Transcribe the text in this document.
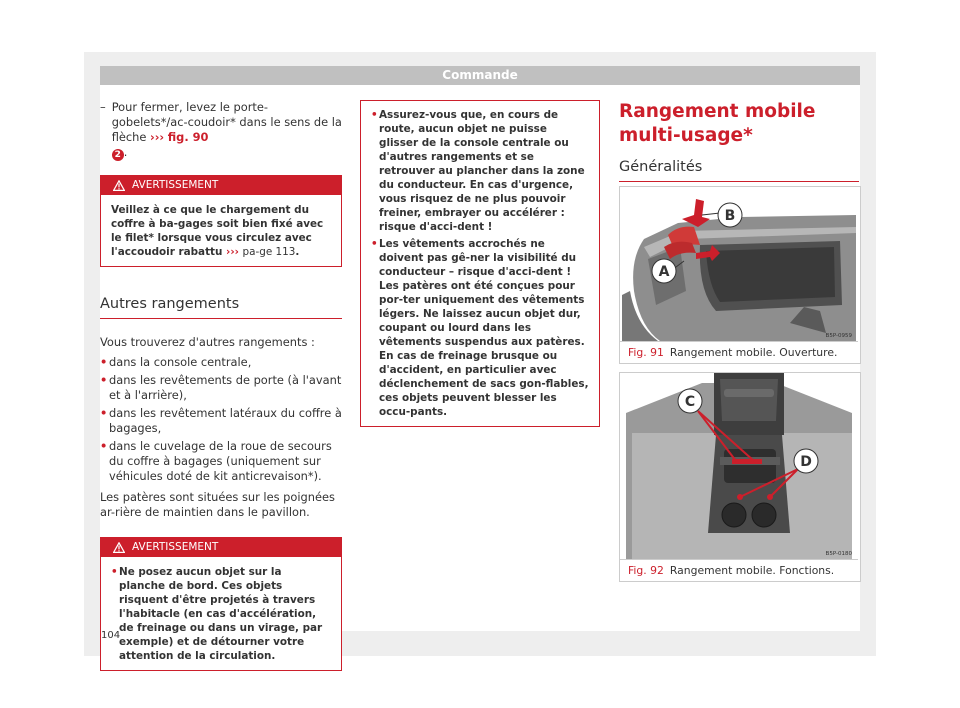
Commande
– Pour fermer, levez le porte-gobelets*/ac-coudoir* dans le sens de la flèche ››› fig. 90
2 .
AVERTISSEMENT
Veillez à ce que le chargement du coffre à ba-gages soit bien fixé avec le filet* lorsque vous circulez avec l'accoudoir rabattu ››› pa-ge 113.
Autres rangements
Vous trouverez d'autres rangements :
• dans la console centrale,
• dans les revêtements de porte (à l'avant et à l'arrière),
• dans les revêtement latéraux du coffre à bagages,
• dans le cuvelage de la roue de secours du coffre à bagages (uniquement sur véhicules doté de kit anticrevaison*).
Les patères sont situées sur les poignées ar-rière de maintien dans le pavillon.
AVERTISSEMENT
• Ne posez aucun objet sur la planche de bord. Ces objets risquent d'être projetés à travers l'habitacle (en cas d'accélération, de freinage ou dans un virage, par exemple) et de détourner votre attention de la circulation.
• Assurez-vous que, en cours de route, aucun objet ne puisse glisser de la console centrale ou d'autres rangements et se retrouver au plancher dans la zone du conducteur. En cas d'urgence, vous risquez de ne plus pouvoir freiner, embrayer ou accélérer : risque d'acci-dent !
• Les vêtements accrochés ne doivent pas gê-ner la visibilité du conducteur – risque d'acci-dent ! Les patères ont été conçues pour por-ter uniquement des vêtements légers. Ne laissez aucun objet dur, coupant ou lourd dans les vêtements suspendus aux patères. En cas de freinage brusque ou d'accident, en particulier avec déclenchement de sacs gon-flables, ces objets peuvent blesser les occu-pants.
Rangement mobile multi-usage*
Généralités
B
A
B5P-0959
Fig. 91 Rangement mobile. Ouverture.
C
D
B5P-0180
Fig. 92 Rangement mobile. Fonctions.
104
